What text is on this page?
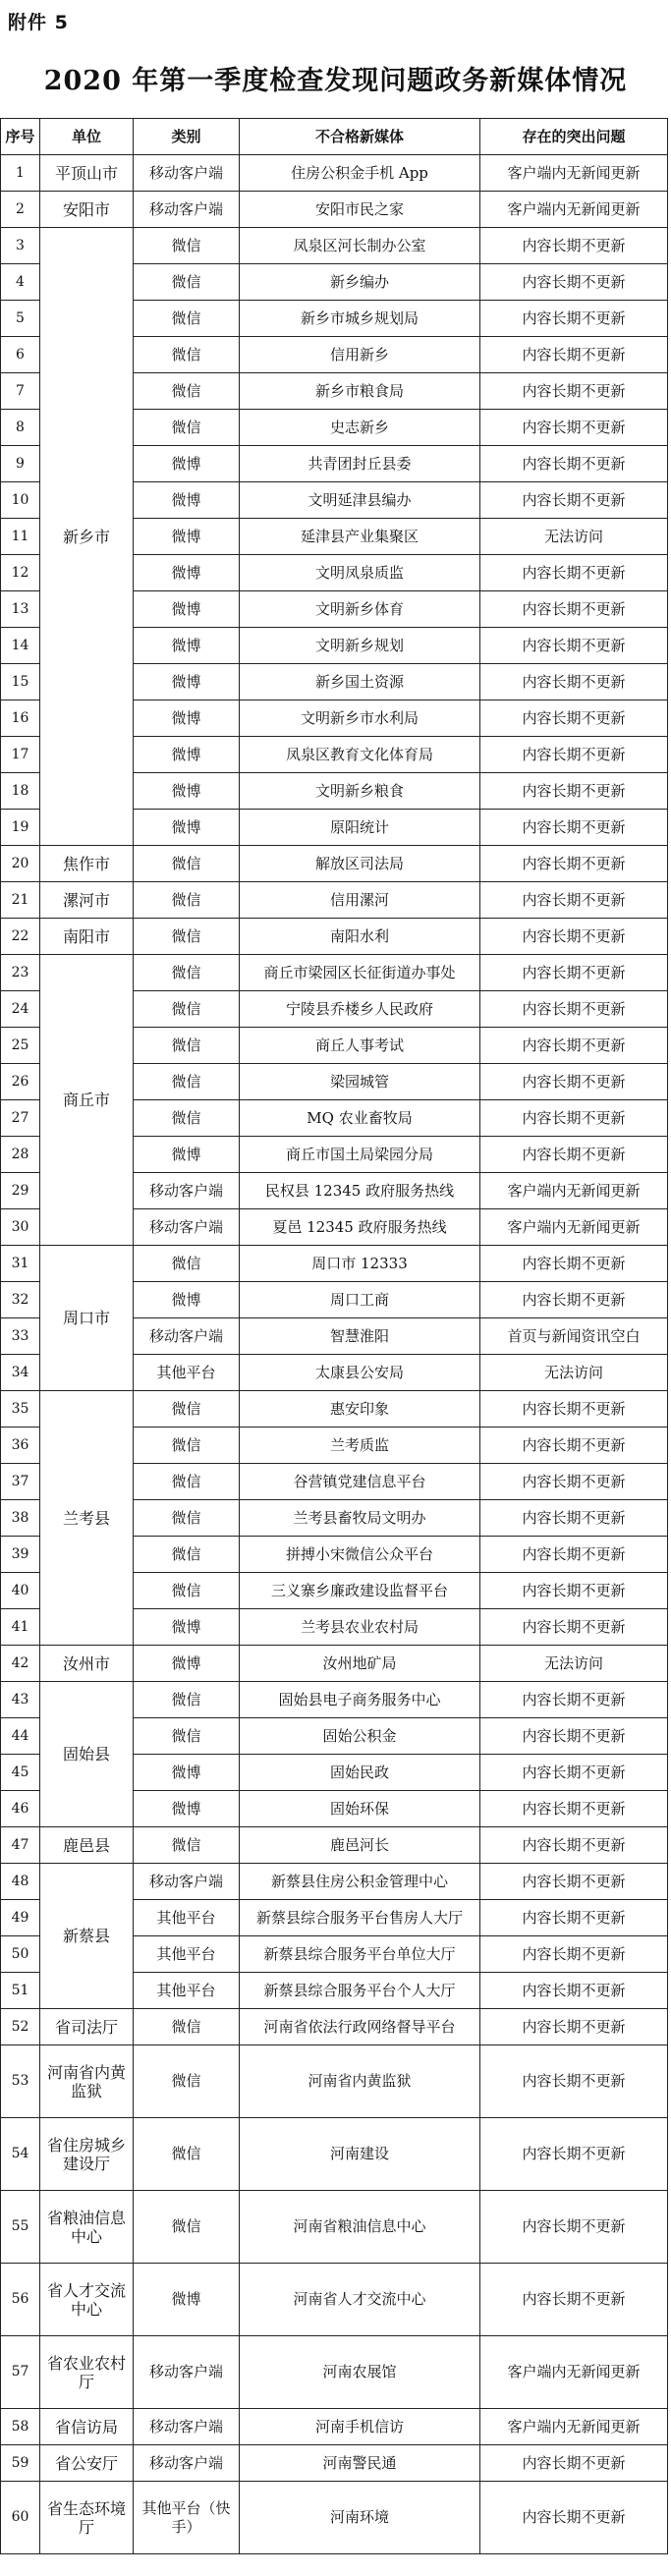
附件 5
2020 年第一季度检查发现问题政务新媒体情况
序号	单位	类别	不合格新媒体	存在的突出问题
1	平顶山市	移动客户端	住房公积金手机 App	客户端内无新闻更新
2	安阳市	移动客户端	安阳市民之家	客户端内无新闻更新
3	新乡市	微信	凤泉区河长制办公室	内容长期不更新
4		微信	新乡编办	内容长期不更新
5		微信	新乡市城乡规划局	内容长期不更新
6		微信	信用新乡	内容长期不更新
7		微信	新乡市粮食局	内容长期不更新
8		微信	史志新乡	内容长期不更新
9		微博	共青团封丘县委	内容长期不更新
10		微博	文明延津县编办	内容长期不更新
11		微博	延津县产业集聚区	无法访问
12		微博	文明凤泉质监	内容长期不更新
13		微博	文明新乡体育	内容长期不更新
14		微博	文明新乡规划	内容长期不更新
15		微博	新乡国土资源	内容长期不更新
16		微博	文明新乡市水利局	内容长期不更新
17		微博	凤泉区教育文化体育局	内容长期不更新
18		微博	文明新乡粮食	内容长期不更新
19		微博	原阳统计	内容长期不更新
20	焦作市	微信	解放区司法局	内容长期不更新
21	漯河市	微信	信用漯河	内容长期不更新
22	南阳市	微信	南阳水利	内容长期不更新
23	商丘市	微信	商丘市梁园区长征街道办事处	内容长期不更新
24		微信	宁陵县乔楼乡人民政府	内容长期不更新
25		微信	商丘人事考试	内容长期不更新
26		微信	梁园城管	内容长期不更新
27		微信	MQ 农业畜牧局	内容长期不更新
28		微博	商丘市国土局梁园分局	内容长期不更新
29		移动客户端	民权县 12345 政府服务热线	客户端内无新闻更新
30		移动客户端	夏邑 12345 政府服务热线	客户端内无新闻更新
31	周口市	微信	周口市 12333	内容长期不更新
32		微博	周口工商	内容长期不更新
33		移动客户端	智慧淮阳	首页与新闻资讯空白
34		其他平台	太康县公安局	无法访问
35	兰考县	微信	惠安印象	内容长期不更新
36		微信	兰考质监	内容长期不更新
37		微信	谷营镇党建信息平台	内容长期不更新
38		微信	兰考县畜牧局文明办	内容长期不更新
39		微信	拼搏小宋微信公众平台	内容长期不更新
40		微信	三义寨乡廉政建设监督平台	内容长期不更新
41		微博	兰考县农业农村局	内容长期不更新
42	汝州市	微博	汝州地矿局	无法访问
43	固始县	微信	固始县电子商务服务中心	内容长期不更新
44		微信	固始公积金	内容长期不更新
45		微博	固始民政	内容长期不更新
46		微博	固始环保	内容长期不更新
47	鹿邑县	微信	鹿邑河长	内容长期不更新
48	新蔡县	移动客户端	新蔡县住房公积金管理中心	内容长期不更新
49		其他平台	新蔡县综合服务平台售房人大厅	内容长期不更新
50		其他平台	新蔡县综合服务平台单位大厅	内容长期不更新
51		其他平台	新蔡县综合服务平台个人大厅	内容长期不更新
52	省司法厅	微信	河南省依法行政网络督导平台	内容长期不更新
53	河南省内黄监狱	微信	河南省内黄监狱	内容长期不更新
54	省住房城乡建设厅	微信	河南建设	内容长期不更新
55	省粮油信息中心	微信	河南省粮油信息中心	内容长期不更新
56	省人才交流中心	微博	河南省人才交流中心	内容长期不更新
57	省农业农村厅	移动客户端	河南农展馆	客户端内无新闻更新
58	省信访局	移动客户端	河南手机信访	客户端内无新闻更新
59	省公安厅	移动客户端	河南警民通	内容长期不更新
60	省生态环境厅	其他平台（快手）	河南环境	内容长期不更新
